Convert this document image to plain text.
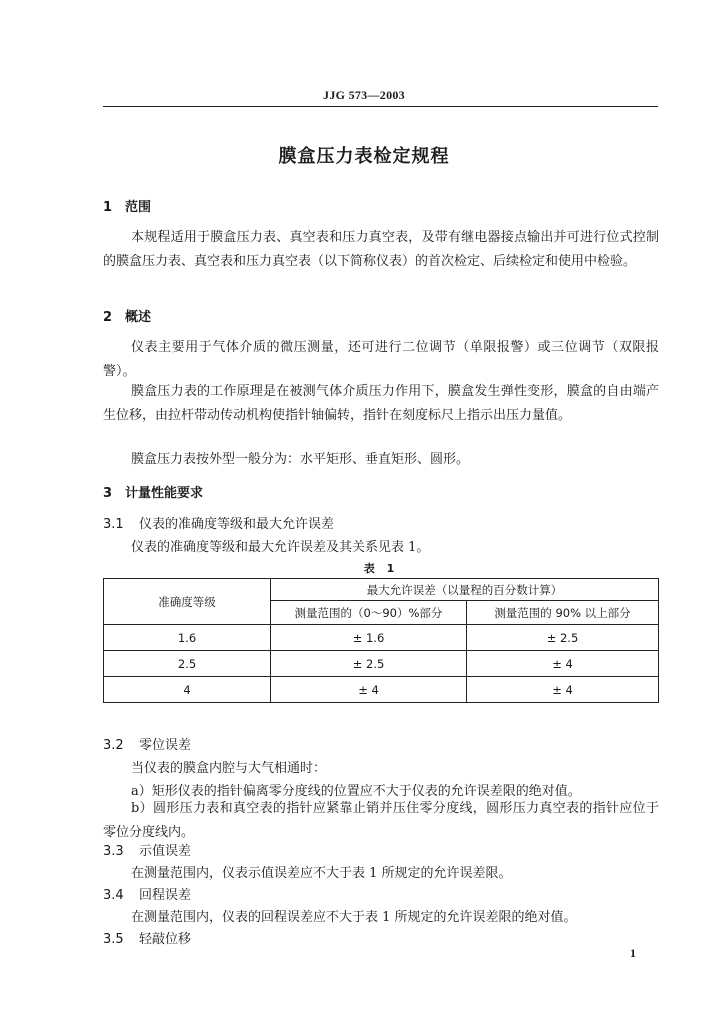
JJG 573—2003
膜盒压力表检定规程
1 范围
本规程适用于膜盒压力表、真空表和压力真空表，及带有继电器接点输出并可进行位式控制的膜盒压力表、真空表和压力真空表（以下简称仪表）的首次检定、后续检定和使用中检验。
2 概述
仪表主要用于气体介质的微压测量，还可进行二位调节（单限报警）或三位调节（双限报警）。
膜盒压力表的工作原理是在被测气体介质压力作用下，膜盒发生弹性变形，膜盒的自由端产生位移，由拉杆带动传动机构使指针轴偏转，指针在刻度标尺上指示出压力量值。
膜盒压力表按外型一般分为：水平矩形、垂直矩形、圆形。
3 计量性能要求
3.1 仪表的准确度等级和最大允许误差
仪表的准确度等级和最大允许误差及其关系见表 1。
表 1
准确度等级	最大允许误差（以量程的百分数计算）	
	测量范围的（0～90）%部分	测量范围的 90% 以上部分
1.6	± 1.6	± 2.5
2.5	± 2.5	± 4
4	± 4	± 4
3.2 零位误差
当仪表的膜盒内腔与大气相通时：
a）矩形仪表的指针偏离零分度线的位置应不大于仪表的允许误差限的绝对值。
b）圆形压力表和真空表的指针应紧靠止销并压住零分度线，圆形压力真空表的指针应位于零位分度线内。
3.3 示值误差
在测量范围内，仪表示值误差应不大于表 1 所规定的允许误差限。
3.4 回程误差
在测量范围内，仪表的回程误差应不大于表 1 所规定的允许误差限的绝对值。
3.5 轻敲位移
1
